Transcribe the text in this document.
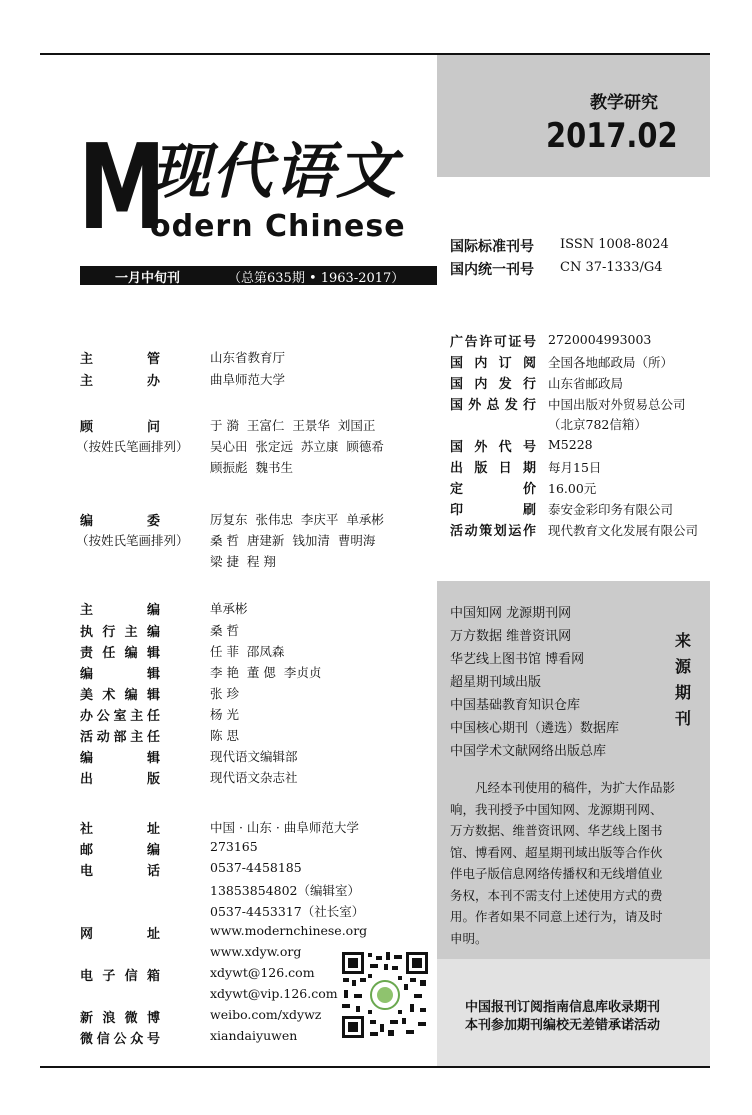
教学研究
2017.02
M
现代语文
odern Chinese
一月中旬刊	（总第635期 • 1963-2017）
国际标准刊号 ISSN 1008-8024
国内统一刊号 CN 37-1333/G4
主	管	山东省教育厅
主	办	曲阜师范大学
顾	问
（按姓氏笔画排列）
于 漪  王富仁  王景华  刘国正
吴心田  张定远  苏立康  顾德希
顾振彪  魏书生
编	委
（按姓氏笔画排列）
厉复东  张伟忠  李庆平  单承彬
桑 哲  唐建新  钱加清  曹明海
梁 捷  程 翔
主	编	单承彬
执 行 主 编	桑 哲
责 任 编 辑	任 菲  邵凤森
编	辑	李 艳  董 偲  李贞贞
美 术 编 辑	张 珍
办 公 室 主 任	杨 光
活 动 部 主 任	陈 思
编	辑	现代语文编辑部
出	版	现代语文杂志社
社	址	中国 · 山东 · 曲阜师范大学
邮	编	273165
电	话	0537-4458185
13853854802（编辑室）
0537-4453317（社长室）
网	址	www.modernchinese.org
www.xdyw.org
电 子 信 箱	xdywt@126.com
xdywt@vip.126.com
新 浪 微 博	weibo.com/xdywz
微 信 公 众 号	xiandaiyuwen
广 告 许 可 证 号 2720004993003
国 内 订 阅 全国各地邮政局（所）
国 内 发 行 山东省邮政局
国 外 总 发 行 中国出版对外贸易总公司
（北京782信箱）
国 外 代 号 M5228
出 版 日 期 每月15日
定	价 16.00元
印	刷 泰安金彩印务有限公司
活 动 策 划 运 作 现代教育文化发展有限公司
中国知网 龙源期刊网
万方数据 维普资讯网
华艺线上图书馆 博看网
超星期刊域出版
中国基础教育知识仓库
中国核心期刊（遴选）数据库
中国学术文献网络出版总库
来
源
期
刊
凡经本刊使用的稿件，为扩大作品影
响，我刊授予中国知网、龙源期刊网、
万方数据、维普资讯网、华艺线上图书
馆、博看网、超星期刊域出版等合作伙
伴电子版信息网络传播权和无线增值业
务权，本刊不需支付上述使用方式的费
用。作者如果不同意上述行为，请及时
申明。
中国报刊订阅指南信息库收录期刊
本刊参加期刊编校无差错承诺活动
